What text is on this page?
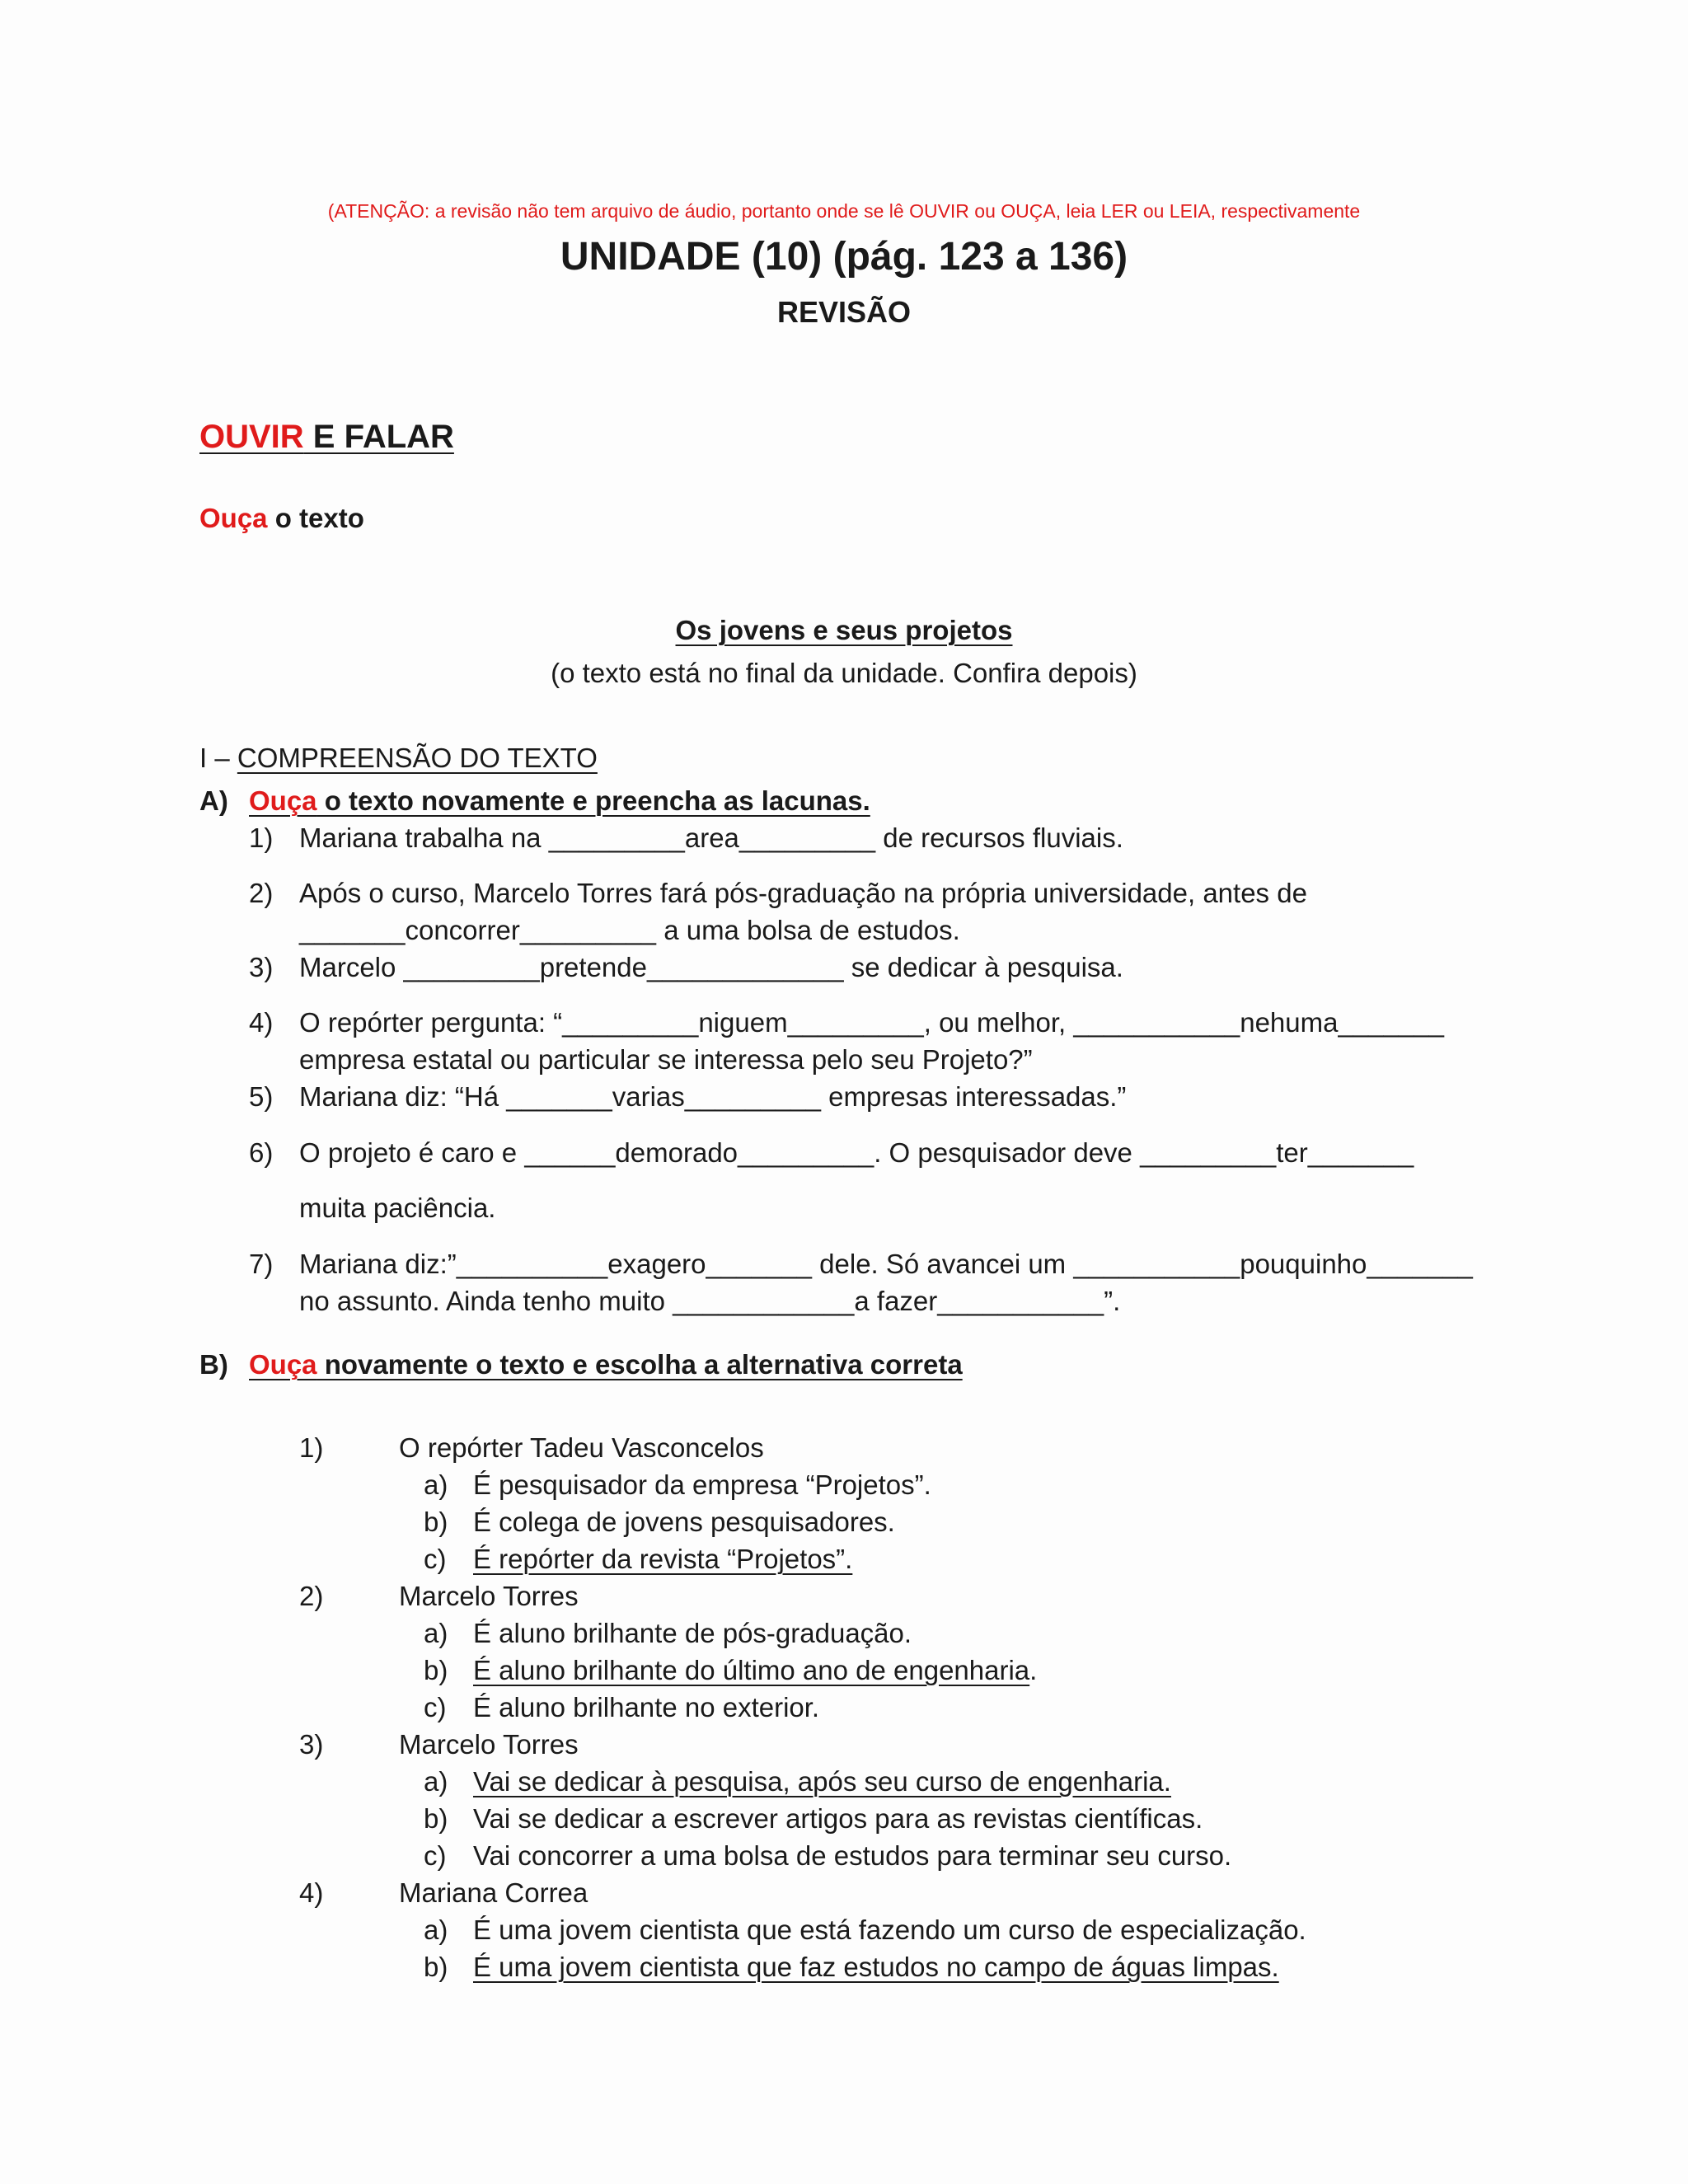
(ATENÇÃO: a revisão não tem arquivo de áudio, portanto onde se lê OUVIR ou OUÇA, leia LER ou LEIA, respectivamente
UNIDADE (10) (pág. 123 a 136)
REVISÃO
OUVIR E FALAR
Ouça o texto
Os jovens e seus projetos
(o texto está no final da unidade. Confira depois)
I – COMPREENSÃO DO TEXTO
A) Ouça o texto novamente e preencha as lacunas.
1) Mariana trabalha na _________area_________ de recursos fluviais.
2) Após o curso, Marcelo Torres fará pós-graduação na própria universidade, antes de
_______concorrer_________ a uma bolsa de estudos.
3) Marcelo _________pretende_____________ se dedicar à pesquisa.
4) O repórter pergunta: “_________niguem_________, ou melhor, ___________nehuma_______
empresa estatal ou particular se interessa pelo seu Projeto?”
5) Mariana diz: “Há _______varias_________ empresas interessadas.”
6) O projeto é caro e ______demorado_________. O pesquisador deve _________ter_______
muita paciência.
7) Mariana diz:”__________exagero_______ dele. Só avancei um ___________pouquinho_______
no assunto. Ainda tenho muito ____________a fazer___________”.
B) Ouça novamente o texto e escolha a alternativa correta
1)	O repórter Tadeu Vasconcelos
a) É pesquisador da empresa “Projetos”.
b) É colega de jovens pesquisadores.
c) É repórter da revista “Projetos”.
2)	Marcelo Torres
a) É aluno brilhante de pós-graduação.
b) É aluno brilhante do último ano de engenharia.
c) É aluno brilhante no exterior.
3)	Marcelo Torres
a) Vai se dedicar à pesquisa, após seu curso de engenharia.
b) Vai se dedicar a escrever artigos para as revistas científicas.
c) Vai concorrer a uma bolsa de estudos para terminar seu curso.
4)	Mariana Correa
a) É uma jovem cientista que está fazendo um curso de especialização.
b) É uma jovem cientista que faz estudos no campo de águas limpas.
